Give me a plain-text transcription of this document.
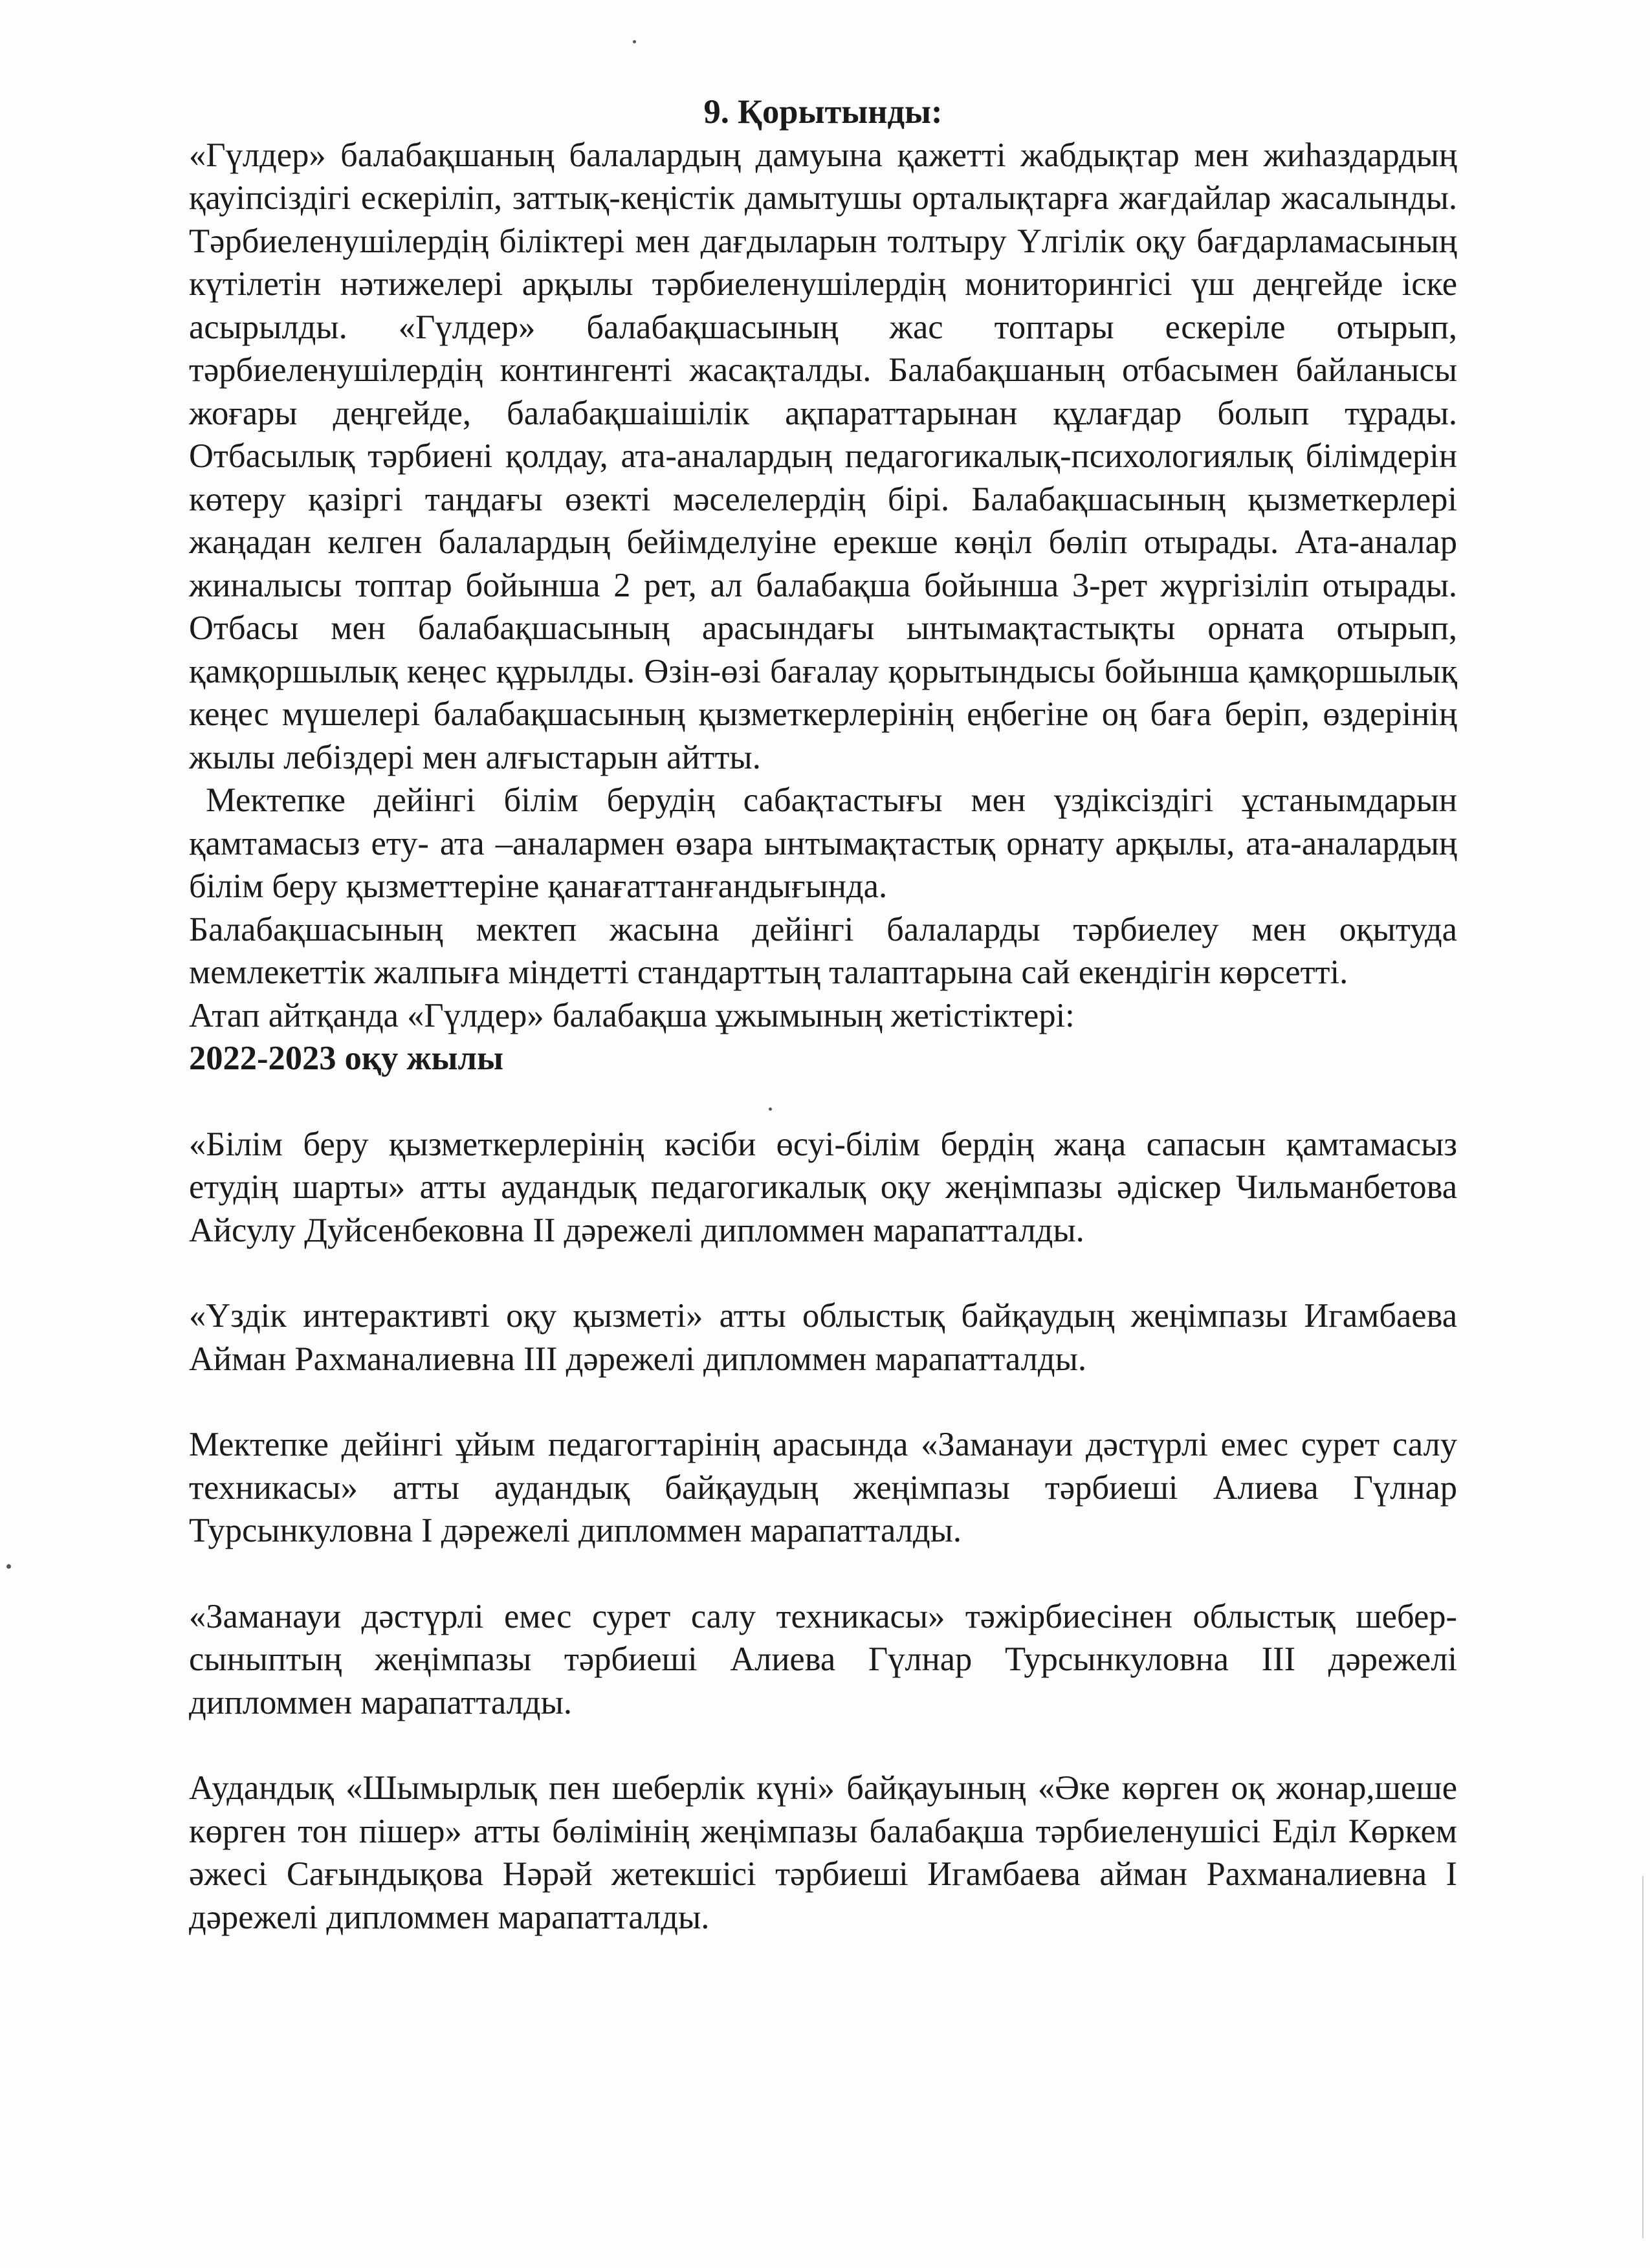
9. Қорытынды:

«Гүлдер» балабақшаның балалардың дамуына қажетті жабдықтар мен жиһаздардың қауіпсіздігі ескеріліп, заттық-кеңістік дамытушы орталықтарға жағдайлар жасалынды. Тәрбиеленушілердің біліктері мен дағдыларын толтыру Үлгілік оқу бағдарламасының күтілетін нәтижелері арқылы тәрбиеленушілердің мониторингісі үш деңгейде іске асырылды. «Гүлдер» балабақшасының жас топтары ескеріле отырып, тәрбиеленушілердің контингенті жасақталды. Балабақшаның отбасымен байланысы жоғары деңгейде, балабақшаішілік ақпараттарынан құлағдар болып тұрады. Отбасылық тәрбиені қолдау, ата-аналардың педагогикалық-психологиялық білімдерін көтеру қазіргі таңдағы өзекті мәселелердің бірі. Балабақшасының қызметкерлері жаңадан келген балалардың бейімделуіне ерекше көңіл бөліп отырады. Ата-аналар жиналысы топтар бойынша 2 рет, ал балабақша бойынша 3-рет жүргізіліп отырады. Отбасы мен балабақшасының арасындағы ынтымақтастықты орната отырып, қамқоршылық кеңес құрылды. Өзін-өзі бағалау қорытындысы бойынша қамқоршылық кеңес мүшелері балабақшасының қызметкерлерінің еңбегіне оң баға беріп, өздерінің жылы лебіздері мен алғыстарын айтты.

Мектепке дейінгі білім берудің сабақтастығы мен үздіксіздігі ұстанымдарын қамтамасыз ету- ата –аналармен өзара ынтымақтастық орнату арқылы, ата-аналардың білім беру қызметтеріне қанағаттанғандығында.

Балабақшасының мектеп жасына дейінгі балаларды тәрбиелеу мен оқытуда мемлекеттік жалпыға міндетті стандарттың талаптарына сай екендігін көрсетті.

Атап айтқанда «Гүлдер» балабақша ұжымының жетістіктері:

2022-2023 оқу жылы

«Білім беру қызметкерлерінің кәсіби өсуі-білім бердің жаңа сапасын қамтамасыз етудің шарты» атты аудандық педагогикалық оқу жеңімпазы әдіскер Чильманбетова Айсулу Дуйсенбековна II дәрежелі дипломмен марапатталды.

«Үздік интерактивті оқу қызметі» атты облыстық байқаудың жеңімпазы Игамбаева Айман Рахманалиевна III дәрежелі дипломмен марапатталды.

Мектепке дейінгі ұйым педагогтарінің арасында «Заманауи дәстүрлі емес сурет салу техникасы» атты аудандық байқаудың жеңімпазы тәрбиеші Алиева Гүлнар Турсынкуловна I дәрежелі дипломмен марапатталды.

«Заманауи дәстүрлі емес сурет салу техникасы» тәжірбиесінен облыстық шебер-сыныптың жеңімпазы тәрбиеші Алиева Гүлнар Турсынкуловна III дәрежелі дипломмен марапатталды.

Аудандық «Шымырлық пен шеберлік күні» байқауының «Әке көрген оқ жонар,шеше көрген тон пішер» атты бөлімінің жеңімпазы балабақша тәрбиеленушісі Еділ Көркем әжесі Сағындықова Нәрәй жетекшісі тәрбиеші Игамбаева айман Рахманалиевна I дәрежелі дипломмен марапатталды.
